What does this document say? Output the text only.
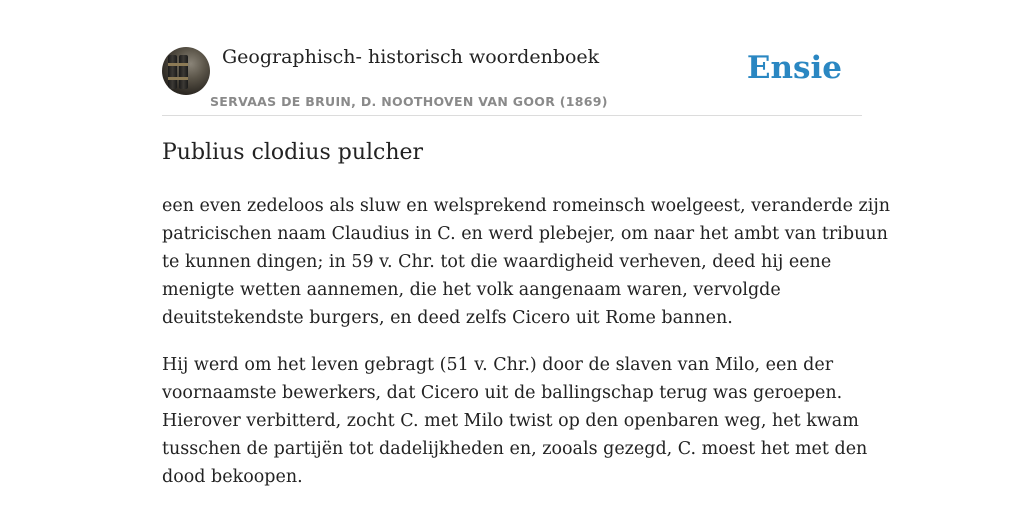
Geographisch- historisch woordenboek
SERVAAS DE BRUIN, D. NOOTHOVEN VAN GOOR (1869)
Ensie
Publius clodius pulcher

een even zedeloos als sluw en welsprekend romeinsch woelgeest, veranderde zijn
patricischen naam Claudius in C. en werd plebejer, om naar het ambt van tribuun
te kunnen dingen; in 59 v. Chr. tot die waardigheid verheven, deed hij eene
menigte wetten aannemen, die het volk aangenaam waren, vervolgde
deuitstekendste burgers, en deed zelfs Cicero uit Rome bannen.

Hij werd om het leven gebragt (51 v. Chr.) door de slaven van Milo, een der
voornaamste bewerkers, dat Cicero uit de ballingschap terug was geroepen.
Hierover verbitterd, zocht C. met Milo twist op den openbaren weg, het kwam
tusschen de partijën tot dadelijkheden en, zooals gezegd, C. moest het met den
dood bekoopen.
